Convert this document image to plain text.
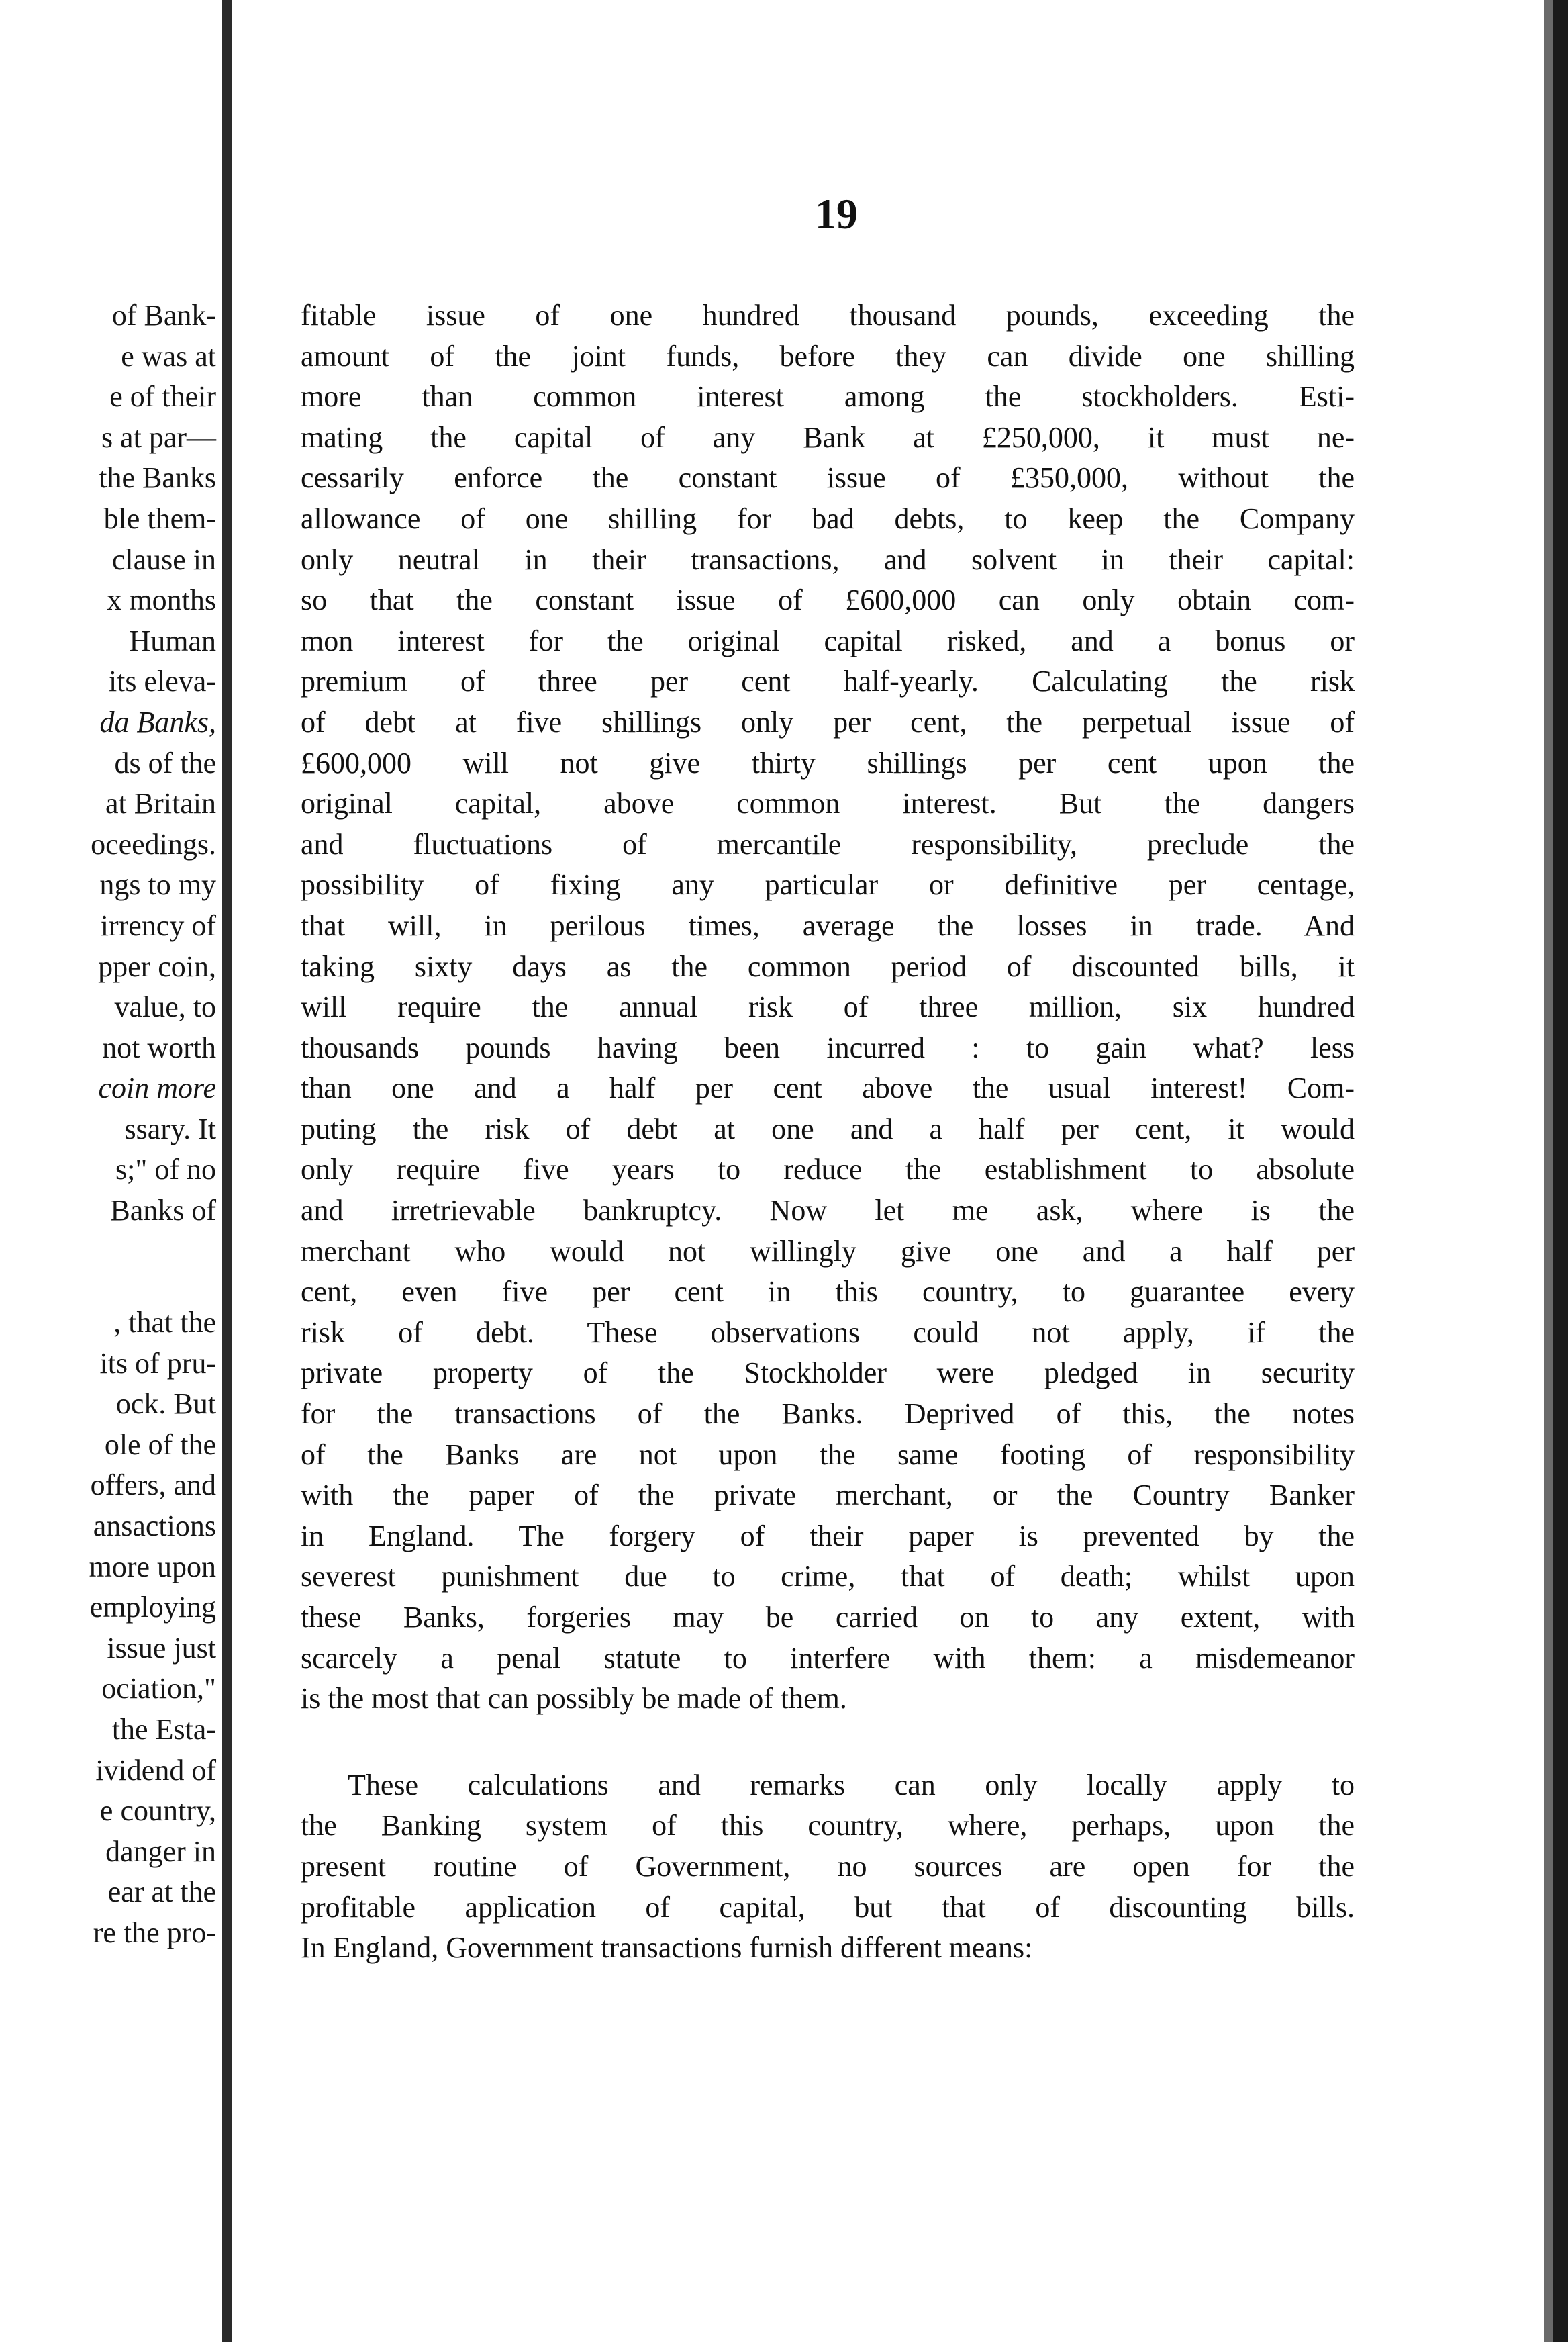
of Bank-
e was at
e of their
s at par—
the Banks
ble them-
clause in
x months
Human
its eleva-
da Banks,
ds of the
at Britain
oceedings.
ngs to my
irrency of
pper coin,
value, to
not worth
coin more
ssary. It
s;" of no
Banks of
, that the
its of pru-
ock. But
ole of the
offers, and
ansactions
more upon
employing
issue just
ociation,"
the Esta-
ividend of
e country,
danger in
ear at the
re the pro-
19
fitable issue of one hundred thousand pounds, exceeding the
amount of the joint funds, before they can divide one shilling
more than common interest among the stockholders. Esti-
mating the capital of any Bank at £250,000, it must ne-
cessarily enforce the constant issue of £350,000, without the
allowance of one shilling for bad debts, to keep the Company
only neutral in their transactions, and solvent in their capital:
so that the constant issue of £600,000 can only obtain com-
mon interest for the original capital risked, and a bonus or
premium of three per cent half-yearly. Calculating the risk
of debt at five shillings only per cent, the perpetual issue of
£600,000 will not give thirty shillings per cent upon the
original capital, above common interest. But the dangers
and fluctuations of mercantile responsibility, preclude the
possibility of fixing any particular or definitive per centage,
that will, in perilous times, average the losses in trade. And
taking sixty days as the common period of discounted bills, it
will require the annual risk of three million, six hundred
thousands pounds having been incurred : to gain what? less
than one and a half per cent above the usual interest! Com-
puting the risk of debt at one and a half per cent, it would
only require five years to reduce the establishment to absolute
and irretrievable bankruptcy. Now let me ask, where is the
merchant who would not willingly give one and a half per
cent, even five per cent in this country, to guarantee every
risk of debt. These observations could not apply, if the
private property of the Stockholder were pledged in security
for the transactions of the Banks. Deprived of this, the notes
of the Banks are not upon the same footing of responsibility
with the paper of the private merchant, or the Country Banker
in England. The forgery of their paper is prevented by the
severest punishment due to crime, that of death; whilst upon
these Banks, forgeries may be carried on to any extent, with
scarcely a penal statute to interfere with them: a misdemeanor
is the most that can possibly be made of them.
These calculations and remarks can only locally apply to
the Banking system of this country, where, perhaps, upon the
present routine of Government, no sources are open for the
profitable application of capital, but that of discounting bills.
In England, Government transactions furnish different means:
